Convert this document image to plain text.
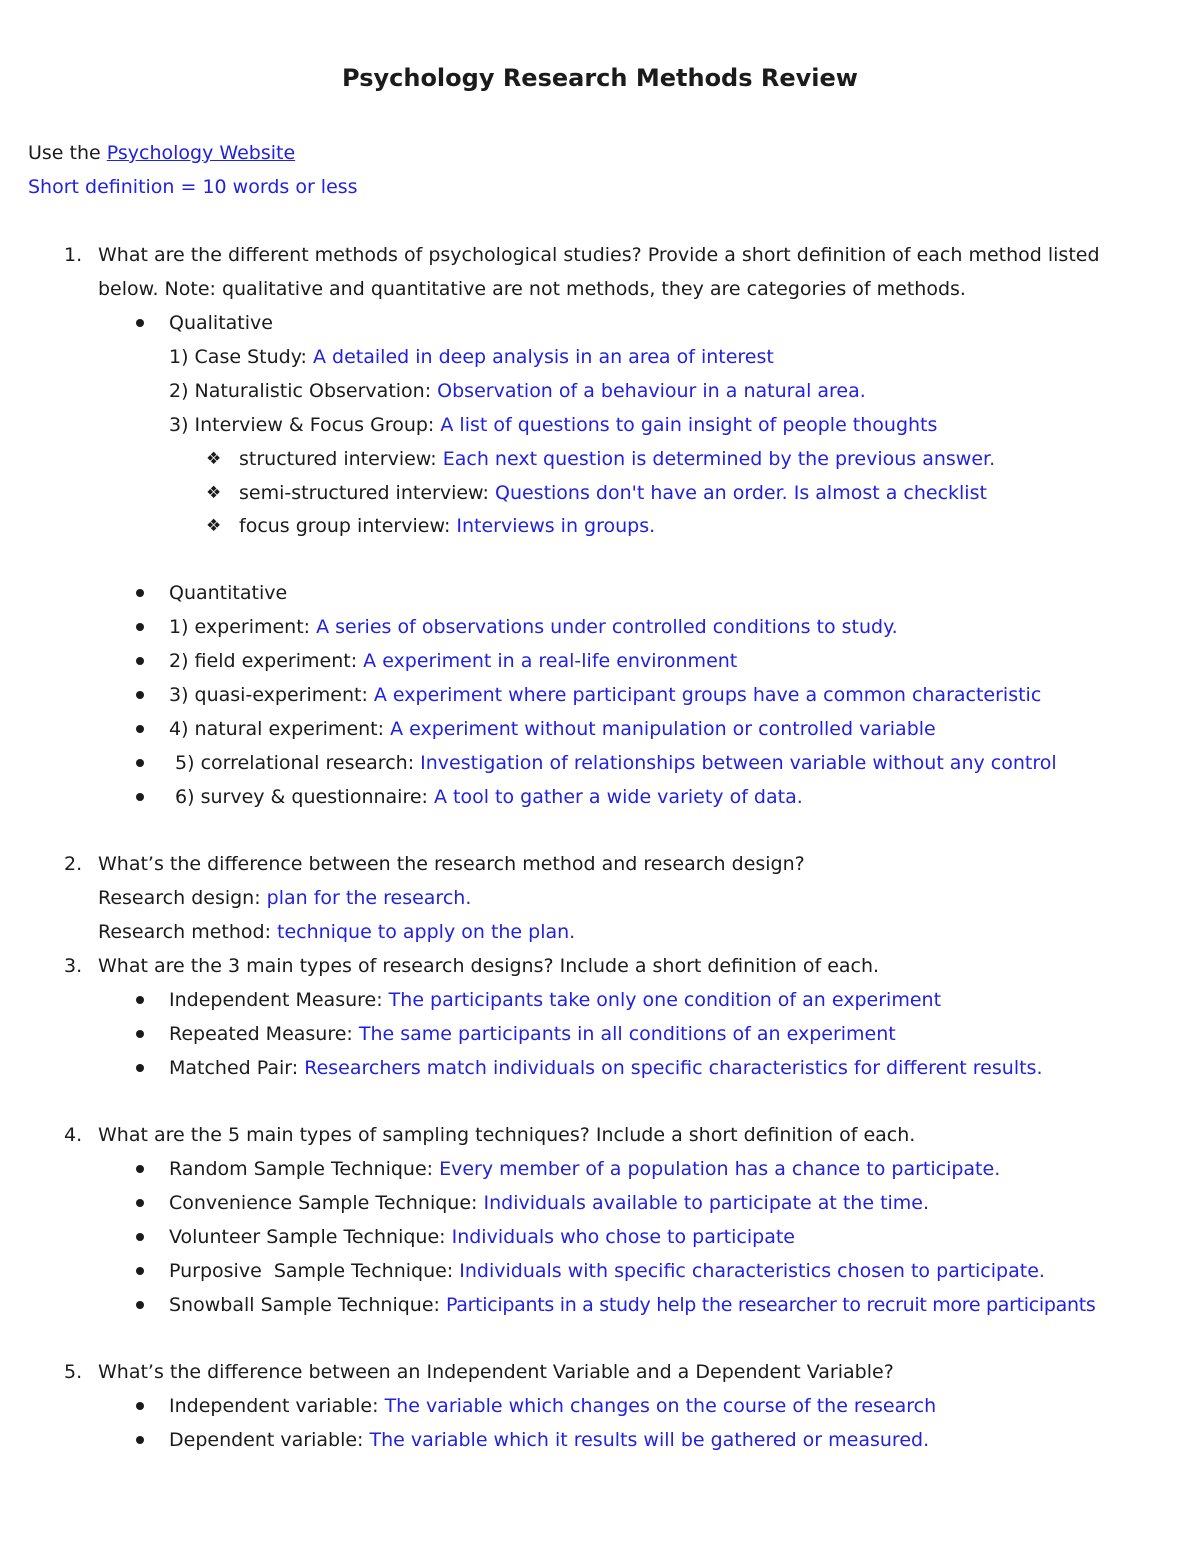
Psychology Research Methods Review
Use the Psychology Website
Short definition = 10 words or less
1. What are the different methods of psychological studies? Provide a short definition of each method listed
below. Note: qualitative and quantitative are not methods, they are categories of methods.
Qualitative
1) Case Study: A detailed in deep analysis in an area of interest
2) Naturalistic Observation: Observation of a behaviour in a natural area.
3) Interview & Focus Group: A list of questions to gain insight of people thoughts
❖ structured interview: Each next question is determined by the previous answer.
❖ semi-structured interview: Questions don't have an order. Is almost a checklist
❖ focus group interview: Interviews in groups.
Quantitative
1) experiment: A series of observations under controlled conditions to study.
2) field experiment: A experiment in a real-life environment
3) quasi-experiment: A experiment where participant groups have a common characteristic
4) natural experiment: A experiment without manipulation or controlled variable
5) correlational research: Investigation of relationships between variable without any control
6) survey & questionnaire: A tool to gather a wide variety of data.
2. What’s the difference between the research method and research design?
Research design: plan for the research.
Research method: technique to apply on the plan.
3. What are the 3 main types of research designs? Include a short definition of each.
Independent Measure: The participants take only one condition of an experiment
Repeated Measure: The same participants in all conditions of an experiment
Matched Pair: Researchers match individuals on specific characteristics for different results.
4. What are the 5 main types of sampling techniques? Include a short definition of each.
Random Sample Technique: Every member of a population has a chance to participate.
Convenience Sample Technique: Individuals available to participate at the time.
Volunteer Sample Technique: Individuals who chose to participate
Purposive  Sample Technique: Individuals with specific characteristics chosen to participate.
Snowball Sample Technique: Participants in a study help the researcher to recruit more participants
5. What’s the difference between an Independent Variable and a Dependent Variable?
Independent variable: The variable which changes on the course of the research
Dependent variable: The variable which it results will be gathered or measured.
